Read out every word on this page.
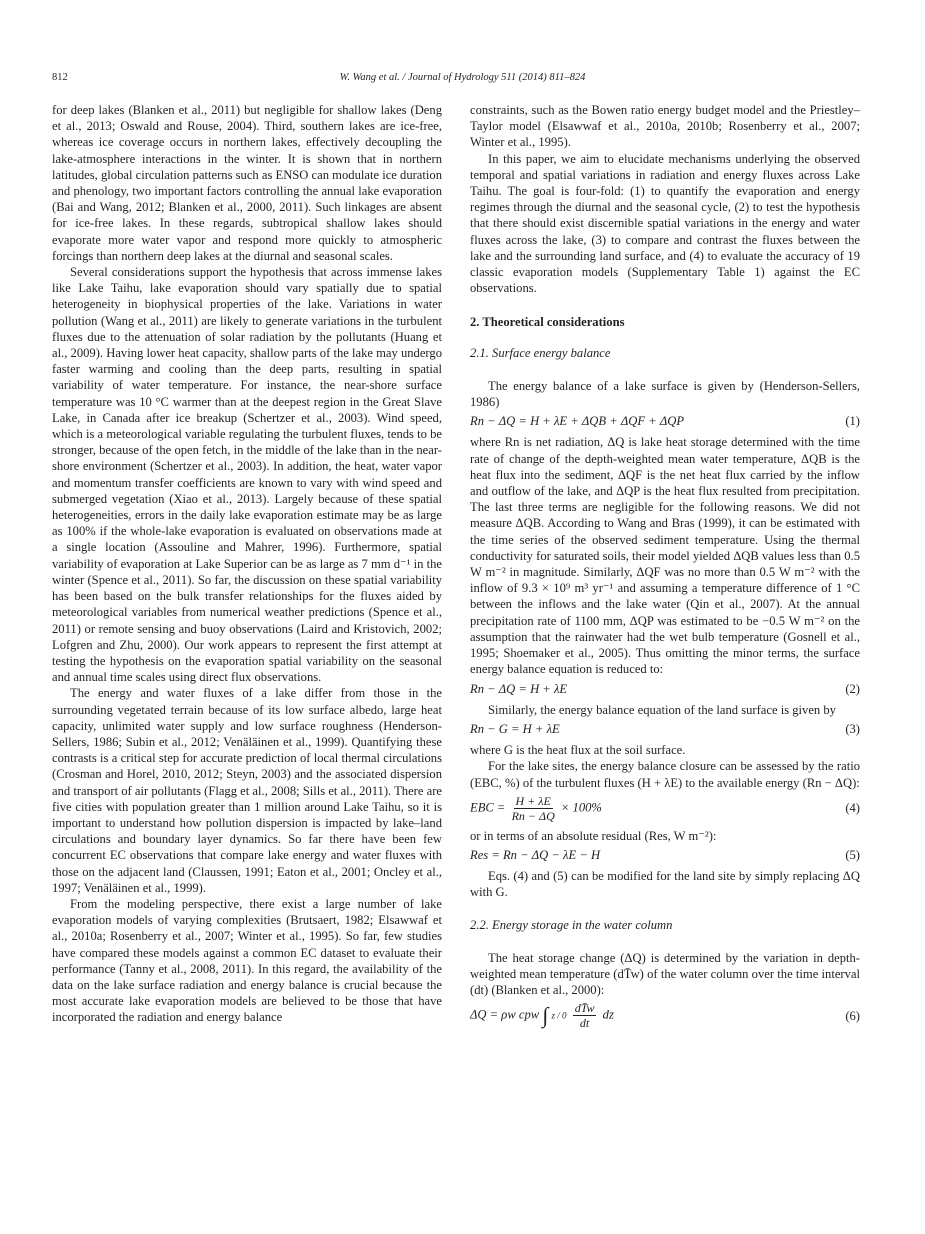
812	W. Wang et al. / Journal of Hydrology 511 (2014) 811–824

for deep lakes (Blanken et al., 2011) but negligible for shallow lakes (Deng et al., 2013; Oswald and Rouse, 2004). Third, southern lakes are ice-free, whereas ice coverage occurs in northern lakes, effectively decoupling the lake-atmosphere interactions in the winter. It is shown that in northern latitudes, global circulation patterns such as ENSO can modulate ice duration and phenology, two important factors controlling the annual lake evaporation (Bai and Wang, 2012; Blanken et al., 2000, 2011). Such linkages are absent for ice-free lakes. In these regards, subtropical shallow lakes should evaporate more water vapor and respond more quickly to atmospheric forcings than northern deep lakes at the diurnal and seasonal scales.

Several considerations support the hypothesis that across immense lakes like Lake Taihu, lake evaporation should vary spatially due to spatial heterogeneity in biophysical properties of the lake. Variations in water pollution (Wang et al., 2011) are likely to generate variations in the turbulent fluxes due to the attenuation of solar radiation by the pollutants (Huang et al., 2009). Having lower heat capacity, shallow parts of the lake may undergo faster warming and cooling than the deep parts, resulting in spatial variability of water temperature. For instance, the near-shore surface temperature was 10 °C warmer than at the deepest region in the Great Slave Lake, in Canada after ice breakup (Schertzer et al., 2003). Wind speed, which is a meteorological variable regulating the turbulent fluxes, tends to be stronger, because of the open fetch, in the middle of the lake than in the near-shore environment (Schertzer et al., 2003). In addition, the heat, water vapor and momentum transfer coefficients are known to vary with wind speed and submerged vegetation (Xiao et al., 2013). Largely because of these spatial heterogeneities, errors in the daily lake evaporation estimate may be as large as 100% if the whole-lake evaporation is evaluated on observations made at a single location (Assouline and Mahrer, 1996). Furthermore, spatial variability of evaporation at Lake Superior can be as large as 7 mm d⁻¹ in the winter (Spence et al., 2011). So far, the discussion on these spatial variability has been based on the bulk transfer relationships for the fluxes aided by meteorological variables from numerical weather predictions (Spence et al., 2011) or remote sensing and buoy observations (Laird and Kristovich, 2002; Lofgren and Zhu, 2000). Our work appears to represent the first attempt at testing the hypothesis on the evaporation spatial variability on the seasonal and annual time scales using direct flux observations.

The energy and water fluxes of a lake differ from those in the surrounding vegetated terrain because of its low surface albedo, large heat capacity, unlimited water supply and low surface roughness (Henderson-Sellers, 1986; Subin et al., 2012; Venäläinen et al., 1999). Quantifying these contrasts is a critical step for accurate prediction of local thermal circulations (Crosman and Horel, 2010, 2012; Steyn, 2003) and the associated dispersion and transport of air pollutants (Flagg et al., 2008; Sills et al., 2011). There are five cities with population greater than 1 million around Lake Taihu, so it is important to understand how pollution dispersion is impacted by lake–land circulations and boundary layer dynamics. So far there have been few concurrent EC observations that compare lake energy and water fluxes with those on the adjacent land (Claussen, 1991; Eaton et al., 2001; Oncley et al., 1997; Venäläinen et al., 1999).

From the modeling perspective, there exist a large number of lake evaporation models of varying complexities (Brutsaert, 1982; Elsawwaf et al., 2010a; Rosenberry et al., 2007; Winter et al., 1995). So far, few studies have compared these models against a common EC dataset to evaluate their performance (Tanny et al., 2008, 2011). In this regard, the availability of the data on the lake surface radiation and energy balance is crucial because the most accurate lake evaporation models are believed to be those that have incorporated the radiation and energy balance

constraints, such as the Bowen ratio energy budget model and the Priestley–Taylor model (Elsawwaf et al., 2010a, 2010b; Rosenberry et al., 2007; Winter et al., 1995).

In this paper, we aim to elucidate mechanisms underlying the observed temporal and spatial variations in radiation and energy fluxes across Lake Taihu. The goal is four-fold: (1) to quantify the evaporation and energy regimes through the diurnal and the seasonal cycle, (2) to test the hypothesis that there should exist discernible spatial variations in the energy and water fluxes across the lake, (3) to compare and contrast the fluxes between the lake and the surrounding land surface, and (4) to evaluate the accuracy of 19 classic evaporation models (Supplementary Table 1) against the EC observations.

2. Theoretical considerations
2.1. Surface energy balance

The energy balance of a lake surface is given by (Henderson-Sellers, 1986)

Rn − ΔQ = H + λE + ΔQB + ΔQF + ΔQP	(1)

where Rn is net radiation, ΔQ is lake heat storage determined with the time rate of change of the depth-weighted mean water temperature, ΔQB is the heat flux into the sediment, ΔQF is the net heat flux carried by the inflow and outflow of the lake, and ΔQP is the heat flux resulted from precipitation. The last three terms are negligible for the following reasons. We did not measure ΔQB. According to Wang and Bras (1999), it can be estimated with the time series of the observed sediment temperature. Using the thermal conductivity for saturated soils, their model yielded ΔQB values less than 0.5 W m⁻² in magnitude. Similarly, ΔQF was no more than 0.5 W m⁻² with the inflow of 9.3 × 10⁹ m³ yr⁻¹ and assuming a temperature difference of 1 °C between the inflows and the lake water (Qin et al., 2007). At the annual precipitation rate of 1100 mm, ΔQP was estimated to be −0.5 W m⁻² on the assumption that the rainwater had the wet bulb temperature (Gosnell et al., 1995; Shoemaker et al., 2005). Thus omitting the minor terms, the surface energy balance equation is reduced to:

Rn − ΔQ = H + λE	(2)

Similarly, the energy balance equation of the land surface is given by

Rn − G = H + λE	(3)

where G is the heat flux at the soil surface.

For the lake sites, the energy balance closure can be assessed by the ratio (EBC, %) of the turbulent fluxes (H + λE) to the available energy (Rn − ΔQ):

EBC = $\frac{H + \lambda E}{Rn - \Delta Q} \times 100\%$	(4)

or in terms of an absolute residual (Res, W m⁻²):

Res = Rn − ΔQ − λE − H	(5)

Eqs. (4) and (5) can be modified for the land site by simply replacing ΔQ with G.

2.2. Energy storage in the water column

The heat storage change (ΔQ) is determined by the variation in depth-weighted mean temperature (dT̄w) of the water column over the time interval (dt) (Blanken et al., 2000):

ΔQ = ρw cpw ∫ z / $0 \frac{dT̄w}{dt}$ dz	(6)
